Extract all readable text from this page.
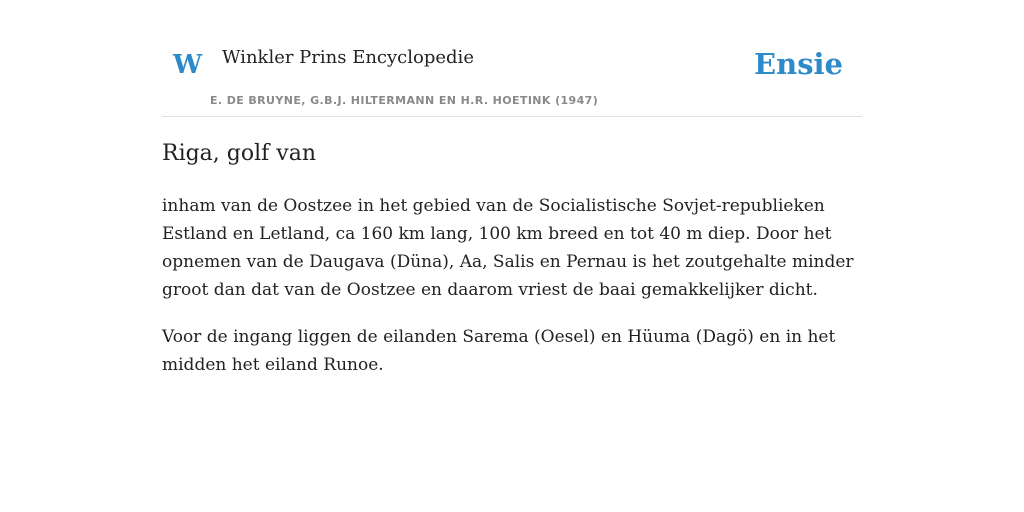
W Winkler Prins Encyclopedie
E. DE BRUYNE, G.B.J. HILTERMANN EN H.R. HOETINK (1947)
Ensie
Riga, golf van

inham van de Oostzee in het gebied van de Socialistische Sovjet-republieken Estland en Letland, ca 160 km lang, 100 km breed en tot 40 m diep. Door het opnemen van de Daugava (Düna), Aa, Salis en Pernau is het zoutgehalte minder groot dan dat van de Oostzee en daarom vriest de baai gemakkelijker dicht.

Voor de ingang liggen de eilanden Sarema (Oesel) en Hüuma (Dagö) en in het midden het eiland Runoe.
